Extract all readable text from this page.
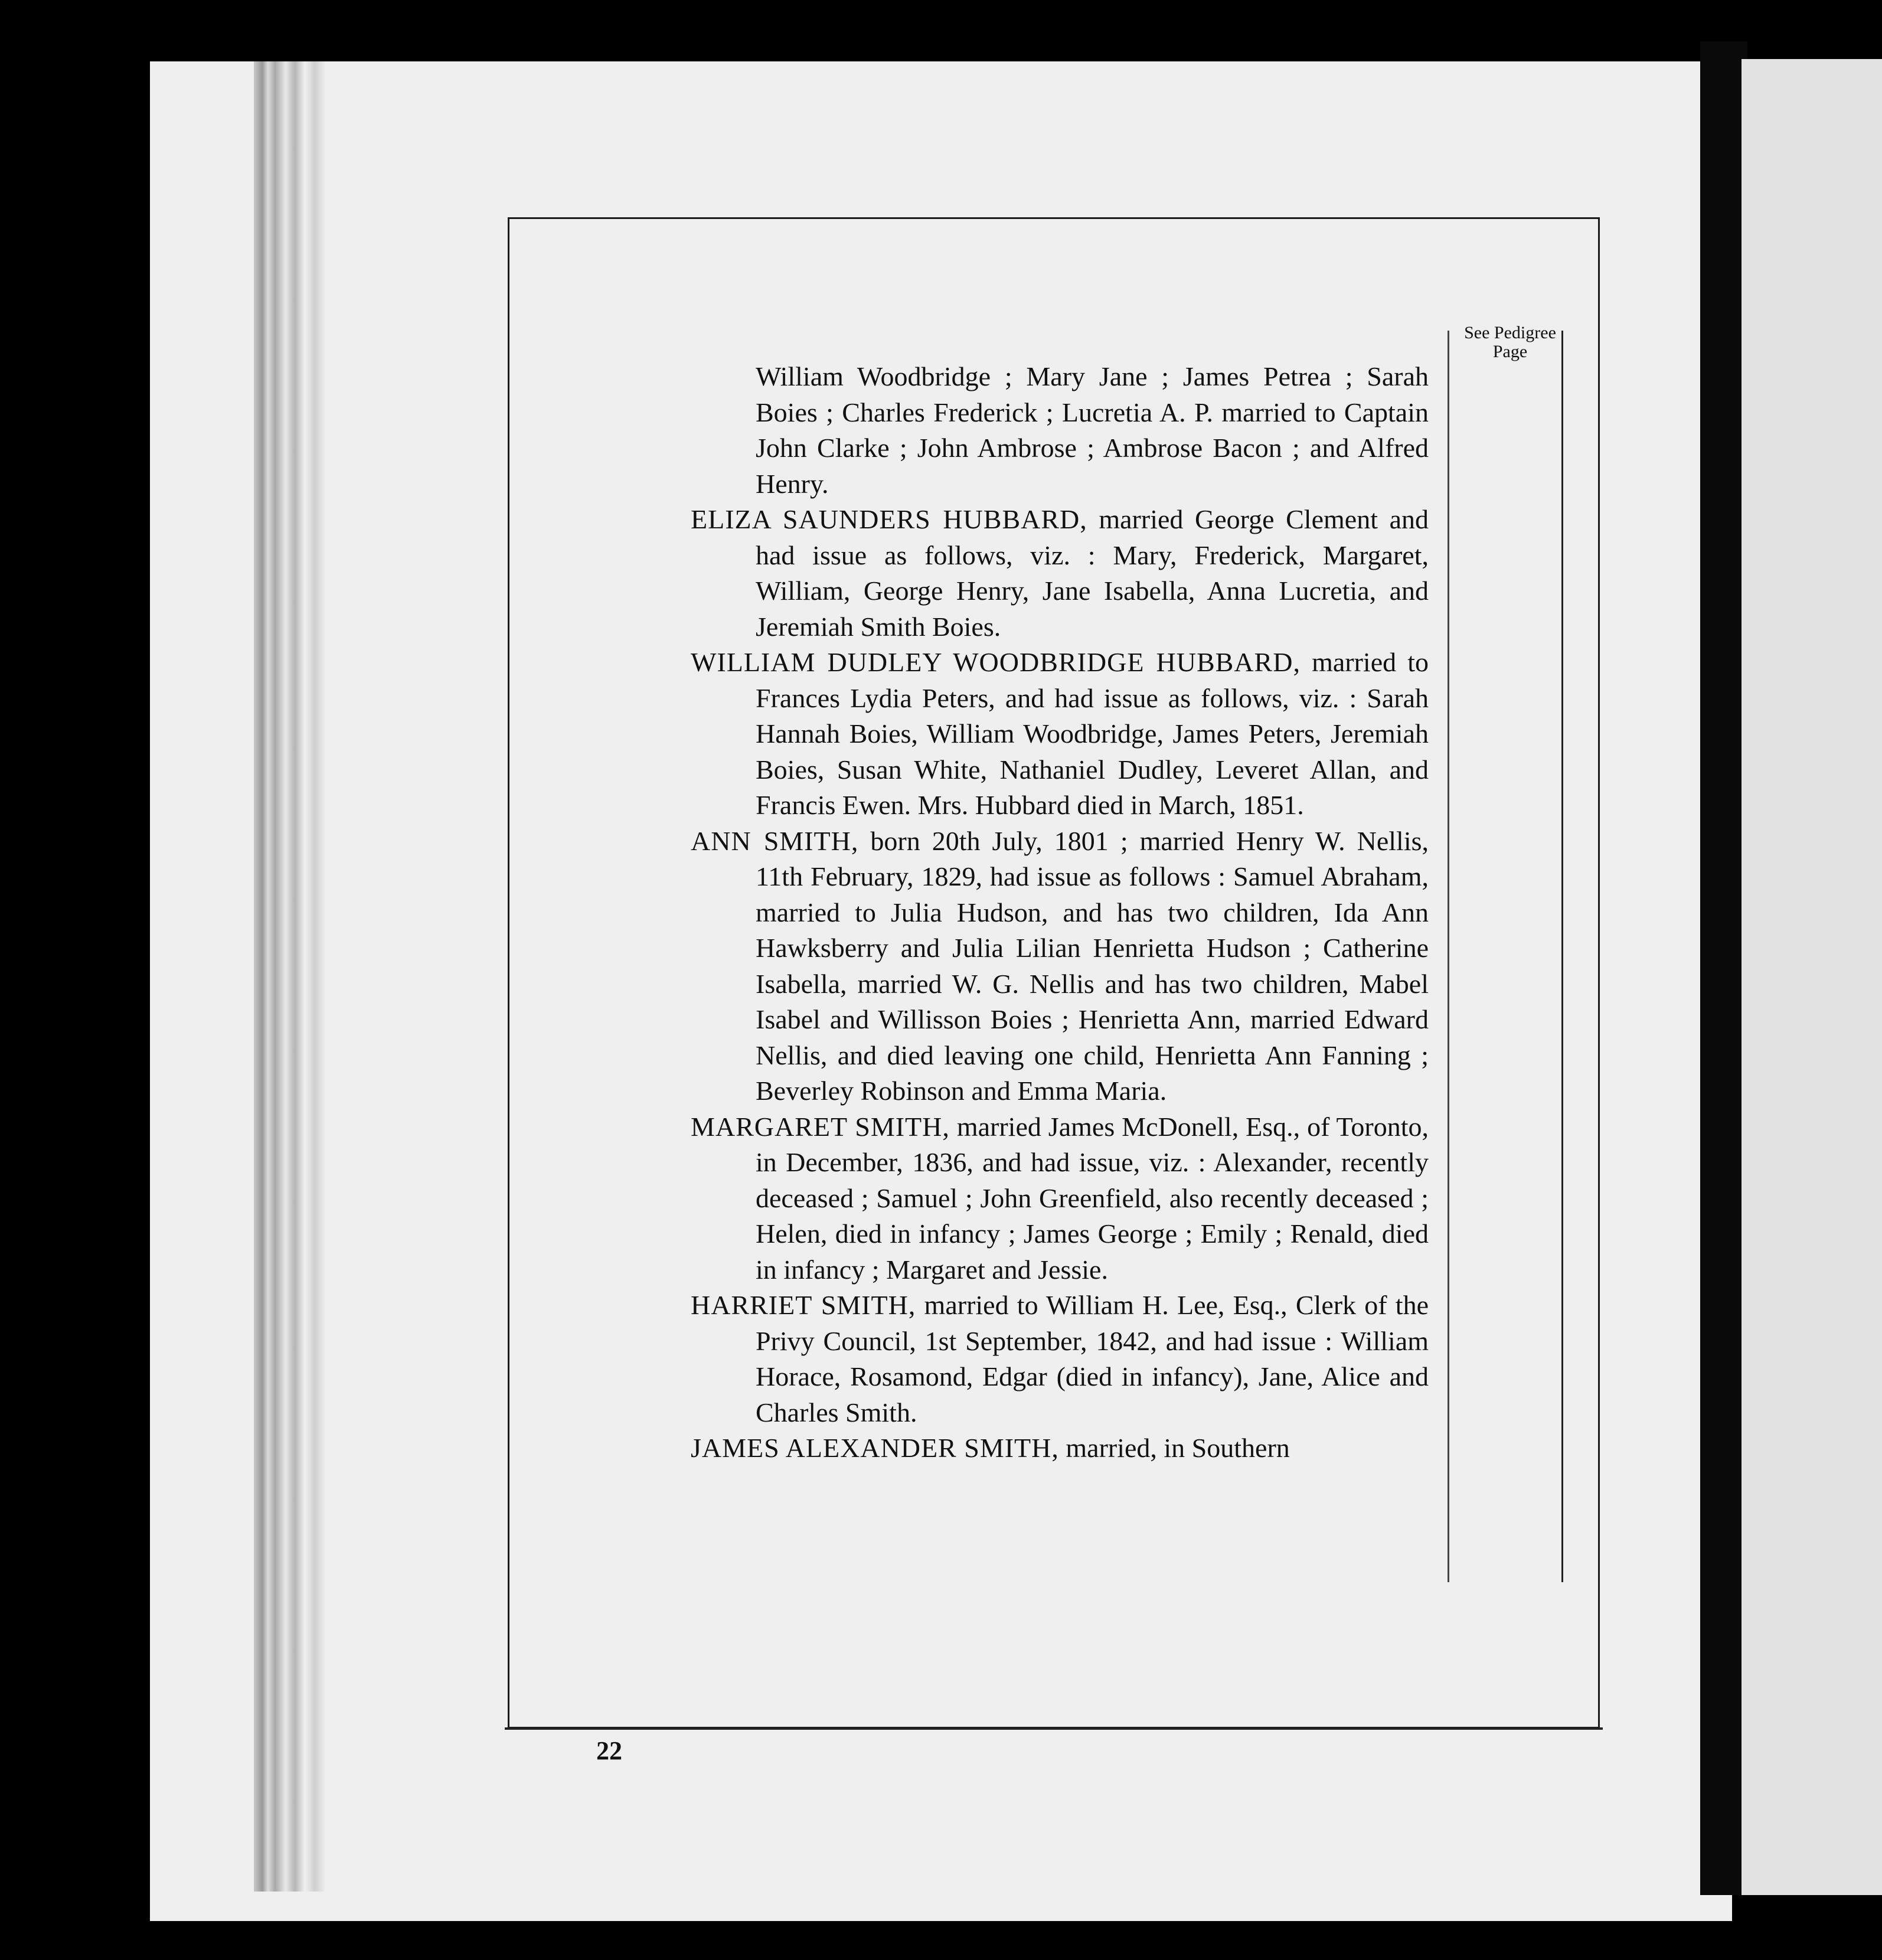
See Pedigree
Page

William Woodbridge ; Mary Jane ; James Petrea ; Sarah Boies ; Charles Frederick ; Lucretia A. P. married to Captain John Clarke ; John Ambrose ; Ambrose Bacon ; and Alfred Henry.

ELIZA SAUNDERS HUBBARD, married George Clement and had issue as follows, viz. : Mary, Frederick, Margaret, William, George Henry, Jane Isabella, Anna Lucretia, and Jeremiah Smith Boies.

WILLIAM DUDLEY WOODBRIDGE HUBBARD, married to Frances Lydia Peters, and had issue as follows, viz. : Sarah Hannah Boies, William Woodbridge, James Peters, Jeremiah Boies, Susan White, Nathaniel Dudley, Leveret Allan, and Francis Ewen. Mrs. Hubbard died in March, 1851.

ANN SMITH, born 20th July, 1801 ; married Henry W. Nellis, 11th February, 1829, had issue as follows : Samuel Abraham, married to Julia Hudson, and has two children, Ida Ann Hawksberry and Julia Lilian Henrietta Hudson ; Catherine Isabella, married W. G. Nellis and has two children, Mabel Isabel and Willisson Boies ; Henrietta Ann, married Edward Nellis, and died leaving one child, Henrietta Ann Fanning ; Beverley Robinson and Emma Maria.

MARGARET SMITH, married James McDonell, Esq., of Toronto, in December, 1836, and had issue, viz. : Alexander, recently deceased ; Samuel ; John Greenfield, also recently deceased ; Helen, died in infancy ; James George ; Emily ; Renald, died in infancy ; Margaret and Jessie.

HARRIET SMITH, married to William H. Lee, Esq., Clerk of the Privy Council, 1st September, 1842, and had issue : William Horace, Rosamond, Edgar (died in infancy), Jane, Alice and Charles Smith.

JAMES ALEXANDER SMITH, married, in Southern

22
